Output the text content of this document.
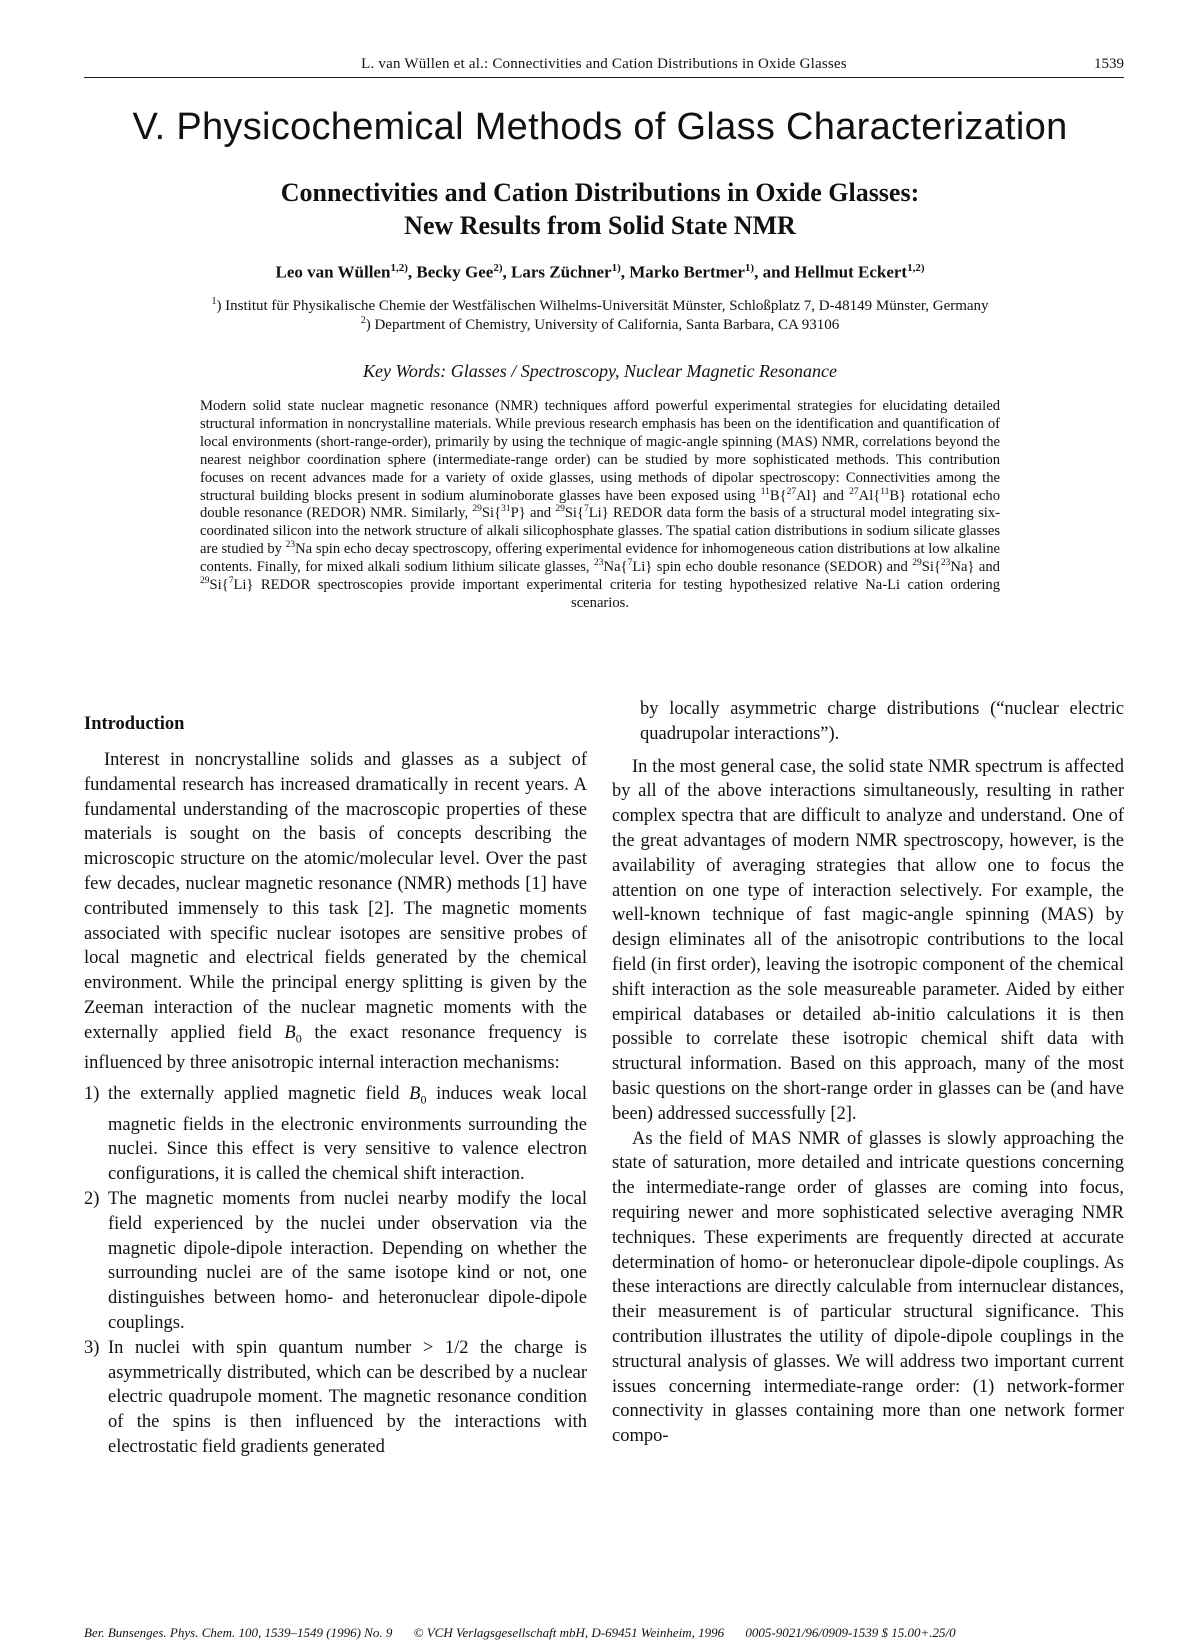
L. van Wüllen et al.: Connectivities and Cation Distributions in Oxide Glasses	1539
V. Physicochemical Methods of Glass Characterization
Connectivities and Cation Distributions in Oxide Glasses:
New Results from Solid State NMR
Leo van Wüllen$^{1,2)}$, Becky Gee$^{2)}$, Lars Züchner$^{1)}$, Marko Bertmer$^{1)}$, and Hellmut Eckert$^{1,2)}$
$^1$) Institut für Physikalische Chemie der Westfälischen Wilhelms-Universität Münster, Schloßplatz 7, D-48149 Münster, Germany
$^2$) Department of Chemistry, University of California, Santa Barbara, CA 93106
Key Words: Glasses / Spectroscopy, Nuclear Magnetic Resonance
Modern solid state nuclear magnetic resonance (NMR) techniques afford powerful experimental strategies for elucidating detailed structural information in noncrystalline materials. While previous research emphasis has been on the identification and quantification of local environments (short-range-order), primarily by using the technique of magic-angle spinning (MAS) NMR, correlations beyond the nearest neighbor coordination sphere (intermediate-range order) can be studied by more sophisticated methods. This contribution focuses on recent advances made for a variety of oxide glasses, using methods of dipolar spectroscopy: Connectivities among the structural building blocks present in sodium aluminoborate glasses have been exposed using $^{11}$B{$^{27}$Al} and $^{27}$Al{$^{11}$B} rotational echo double resonance (REDOR) NMR. Similarly, $^{29}$Si{$^{31}$P} and $^{29}$Si{$^7$Li} REDOR data form the basis of a structural model integrating six-coordinated silicon into the network structure of alkali silicophosphate glasses. The spatial cation distributions in sodium silicate glasses are studied by $^{23}$Na spin echo decay spectroscopy, offering experimental evidence for inhomogeneous cation distributions at low alkaline contents. Finally, for mixed alkali sodium lithium silicate glasses, $^{23}$Na{$^7$Li} spin echo double resonance (SEDOR) and $^{29}$Si{$^{23}$Na} and $^{29}$Si{$^7$Li} REDOR spectroscopies provide important experimental criteria for testing hypothesized relative Na-Li cation ordering scenarios.
Introduction

Interest in noncrystalline solids and glasses as a subject of fundamental research has increased dramatically in recent years. A fundamental understanding of the macroscopic properties of these materials is sought on the basis of concepts describing the microscopic structure on the atomic/molecular level. Over the past few decades, nuclear magnetic resonance (NMR) methods [1] have contributed immensely to this task [2]. The magnetic moments associated with specific nuclear isotopes are sensitive probes of local magnetic and electrical fields generated by the chemical environment. While the principal energy splitting is given by the Zeeman interaction of the nuclear magnetic moments with the externally applied field $B_0$ the exact resonance frequency is influenced by three anisotropic internal interaction mechanisms:

1) the externally applied magnetic field $B_0$ induces weak local magnetic fields in the electronic environments surrounding the nuclei. Since this effect is very sensitive to valence electron configurations, it is called the chemical shift interaction.
2) The magnetic moments from nuclei nearby modify the local field experienced by the nuclei under observation via the magnetic dipole-dipole interaction. Depending on whether the surrounding nuclei are of the same isotope kind or not, one distinguishes between homo- and heteronuclear dipole-dipole couplings.
3) In nuclei with spin quantum number > 1/2 the charge is asymmetrically distributed, which can be described by a nuclear electric quadrupole moment. The magnetic resonance condition of the spins is then influenced by the interactions with electrostatic field gradients generated

by locally asymmetric charge distributions (“nuclear electric quadrupolar interactions”).

In the most general case, the solid state NMR spectrum is affected by all of the above interactions simultaneously, resulting in rather complex spectra that are difficult to analyze and understand. One of the great advantages of modern NMR spectroscopy, however, is the availability of averaging strategies that allow one to focus the attention on one type of interaction selectively. For example, the well-known technique of fast magic-angle spinning (MAS) by design eliminates all of the anisotropic contributions to the local field (in first order), leaving the isotropic component of the chemical shift interaction as the sole measureable parameter. Aided by either empirical databases or detailed ab-initio calculations it is then possible to correlate these isotropic chemical shift data with structural information. Based on this approach, many of the most basic questions on the short-range order in glasses can be (and have been) addressed successfully [2].

As the field of MAS NMR of glasses is slowly approaching the state of saturation, more detailed and intricate questions concerning the intermediate-range order of glasses are coming into focus, requiring newer and more sophisticated selective averaging NMR techniques. These experiments are frequently directed at accurate determination of homo- or heteronuclear dipole-dipole couplings. As these interactions are directly calculable from internuclear distances, their measurement is of particular structural significance. This contribution illustrates the utility of dipole-dipole couplings in the structural analysis of glasses. We will address two important current issues concerning intermediate-range order: (1) network-former connectivity in glasses containing more than one network former compo-

Ber. Bunsenges. Phys. Chem. 100, 1539–1549 (1996) No. 9 © VCH Verlagsgesellschaft mbH, D-69451 Weinheim, 1996 0005-9021/96/0909-1539 $ 15.00+.25/0
